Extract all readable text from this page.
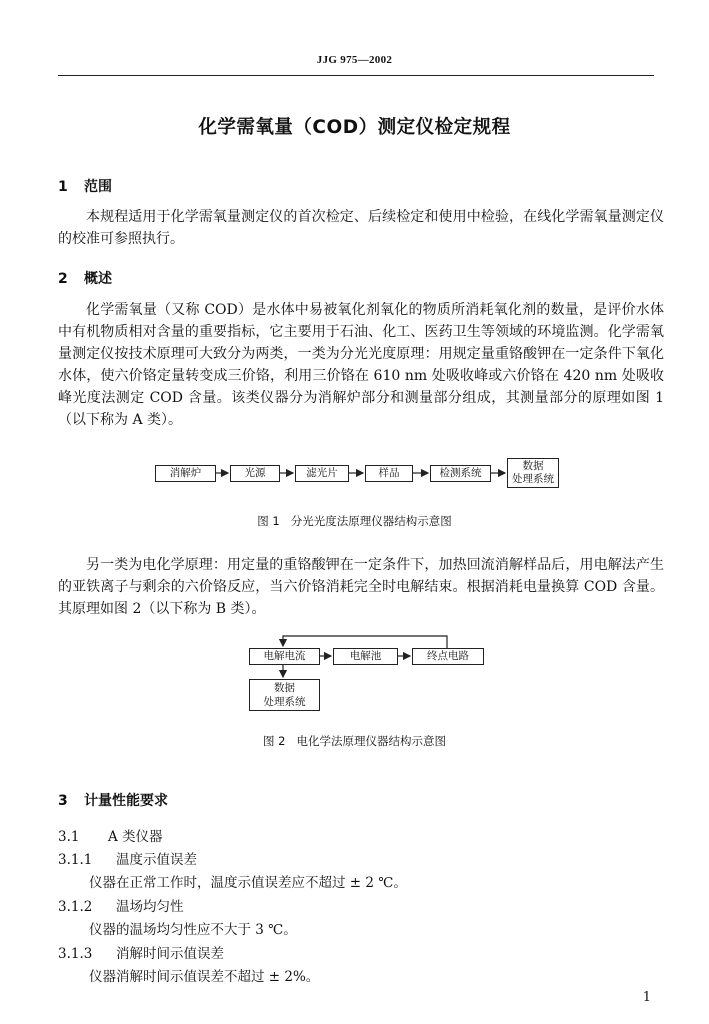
JJG 975—2002
化学需氧量（COD）测定仪检定规程
1 范围

本规程适用于化学需氧量测定仪的首次检定、后续检定和使用中检验，在线化学需氧量测定仪的校准可参照执行。

2 概述

化学需氧量（又称 COD）是水体中易被氧化剂氧化的物质所消耗氧化剂的数量，是评价水体中有机物质相对含量的重要指标，它主要用于石油、化工、医药卫生等领域的环境监测。化学需氧量测定仪按技术原理可大致分为两类，一类为分光光度原理：用规定量重铬酸钾在一定条件下氧化水体，使六价铬定量转变成三价铬，利用三价铬在 610 nm 处吸收峰或六价铬在 420 nm 处吸收峰光度法测定 COD 含量。该类仪器分为消解炉部分和测量部分组成，其测量部分的原理如图 1（以下称为 A 类）。

消解炉	光源	滤光片	样品	检测系统
数据
处理系统
图 1 分光光度法原理仪器结构示意图

另一类为电化学原理：用定量的重铬酸钾在一定条件下，加热回流消解样品后，用电解法产生的亚铁离子与剩余的六价铬反应，当六价铬消耗完全时电解结束。根据消耗电量换算 COD 含量。其原理如图 2（以下称为 B 类）。

电解电流	电解池	终点电路
数据
处理系统
图 2 电化学法原理仪器结构示意图
3 计量性能要求
3.1 A 类仪器
3.1.1 温度示值误差
仪器在正常工作时，温度示值误差应不超过 ± 2 ℃。
3.1.2 温场均匀性
仪器的温场均匀性应不大于 3 ℃。
3.1.3 消解时间示值误差
仪器消解时间示值误差不超过 ± 2%。
1
